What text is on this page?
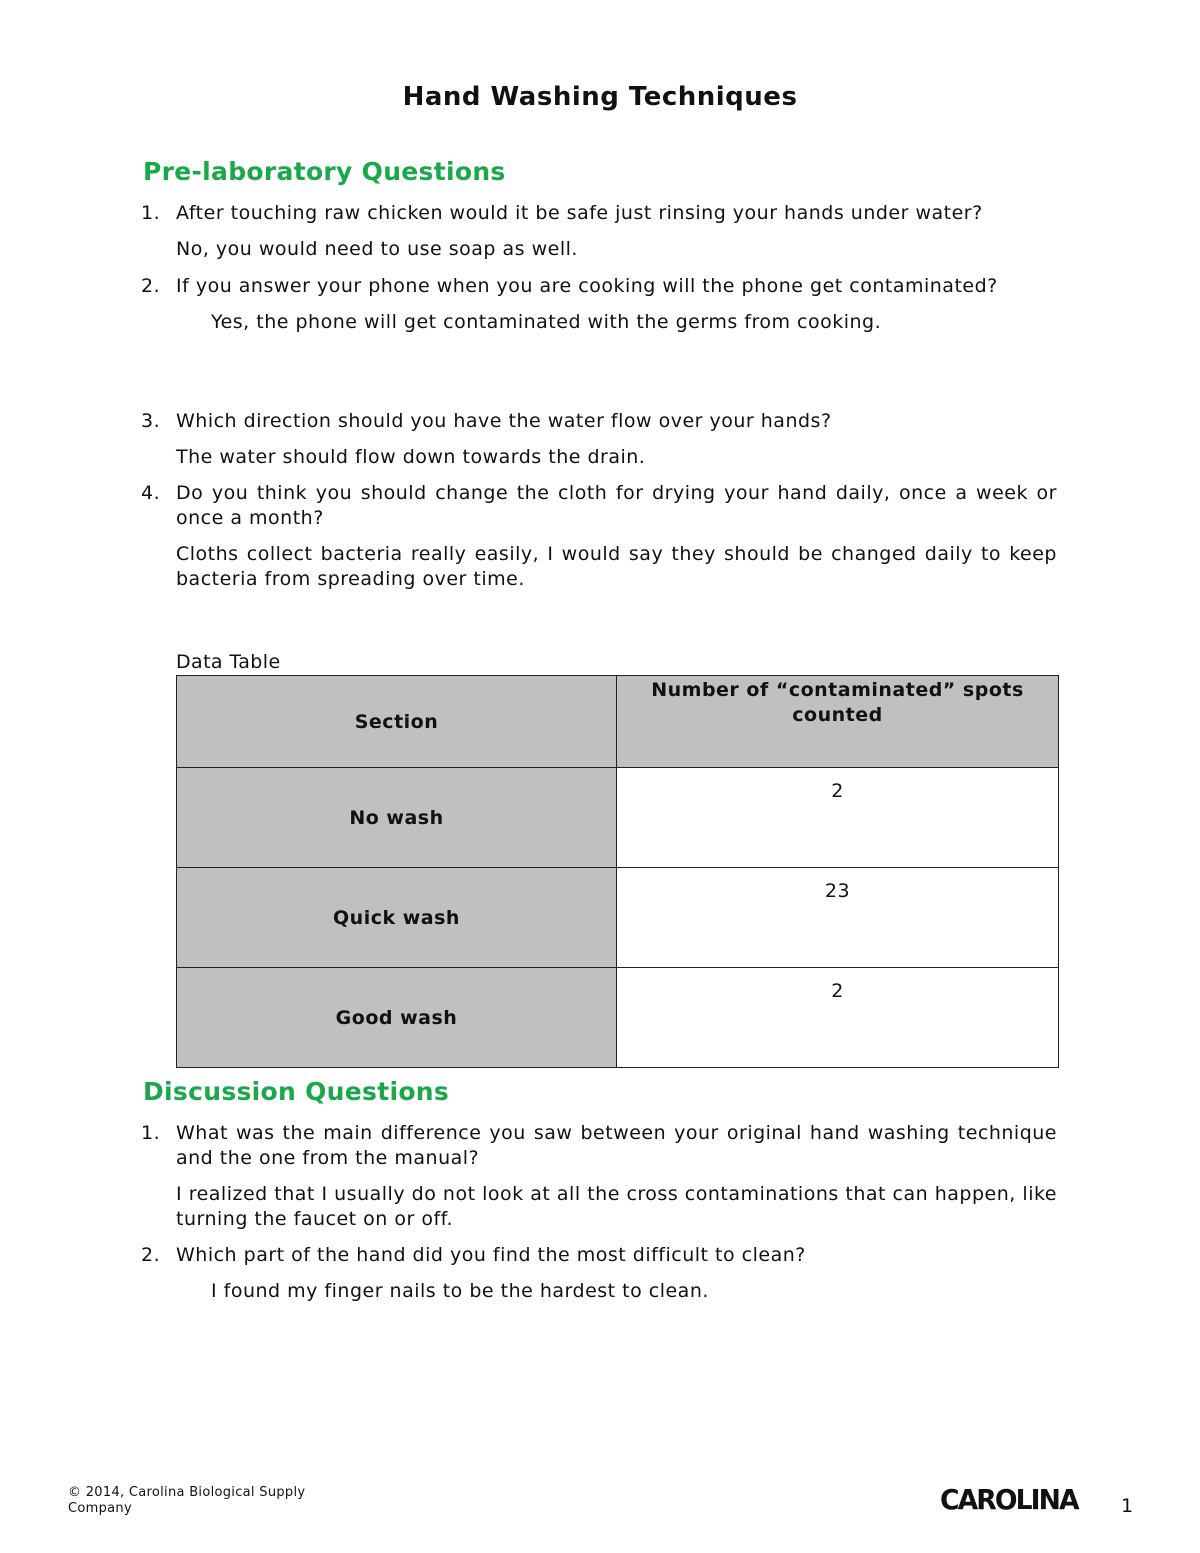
Hand Washing Techniques
Pre-laboratory Questions
1. After touching raw chicken would it be safe just rinsing your hands under water?

No, you would need to use soap as well.

2. If you answer your phone when you are cooking will the phone get contaminated?

Yes, the phone will get contaminated with the germs from cooking.

3. Which direction should you have the water flow over your hands?

The water should flow down towards the drain.

4. Do you think you should change the cloth for drying your hand daily, once a week or once a month?

Cloths collect bacteria really easily, I would say they should be changed daily to keep bacteria from spreading over time.

Data Table
Section	Number of “contaminated” spots counted
No wash	2
Quick wash	23
Good wash	2
Discussion Questions
1. What was the main difference you saw between your original hand washing technique and the one from the manual?

I realized that I usually do not look at all the cross contaminations that can happen, like turning the faucet on or off.

2. Which part of the hand did you find the most difficult to clean?

I found my finger nails to be the hardest to clean.

© 2014, Carolina Biological Supply
Company	CAROLINA 1
